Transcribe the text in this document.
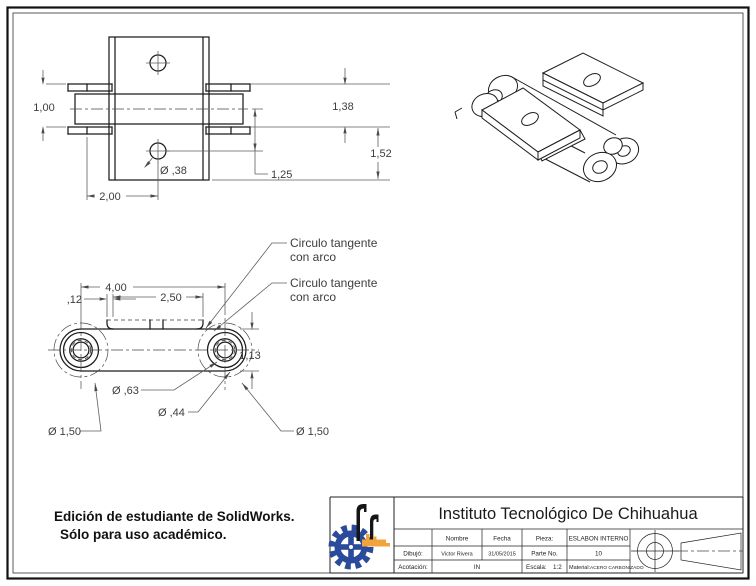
1,00	1,38
1,52
1,25
2,00
Ø ,38
4,00
2,50
,12
1,13
Ø ,63
Ø ,44
Ø 1,50	Ø 1,50
Circulo tangente
con arco
Circulo tangente
con arco
Edición de estudiante de SolidWorks.
Sólo para uso académico.
Instituto Tecnológico De Chihuahua
Nombre	Fecha	Pieza: ESLABON INTERNO
Dibujó:	Victor Rivera	31/05/2015 Parte No.	10
Acotación:	IN	Escala: 1:2 Material: ACERO CARBONIZADO
